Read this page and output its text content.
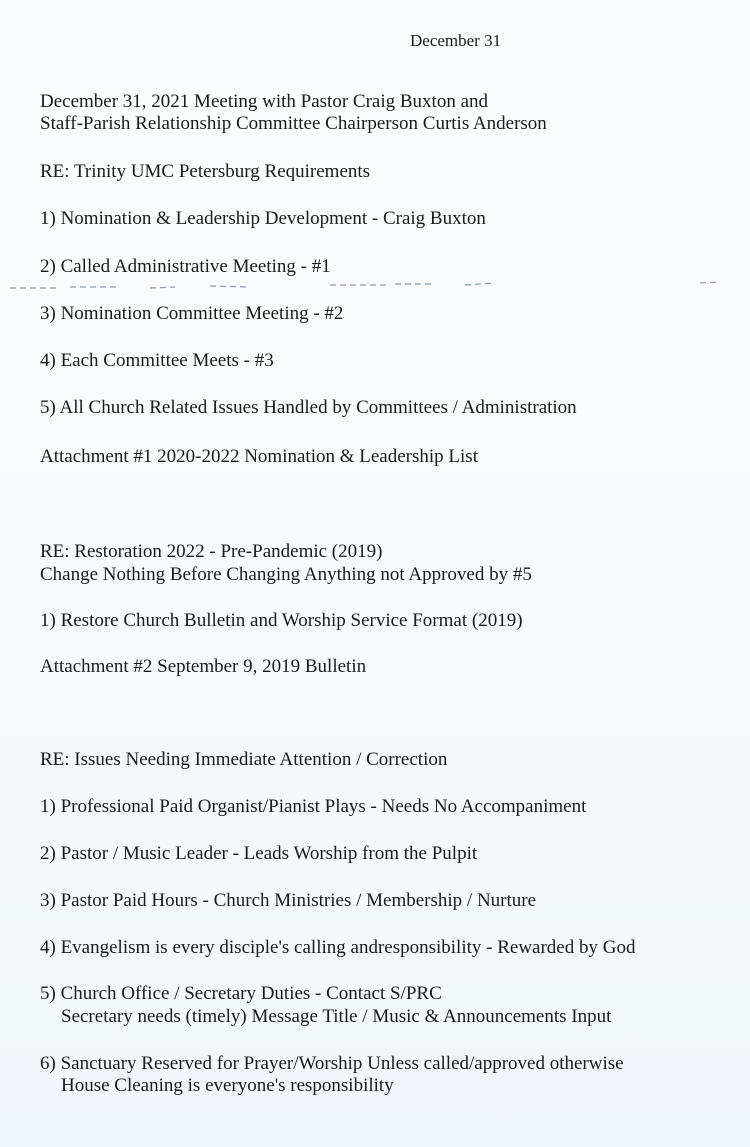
December 31
December 31, 2021 Meeting with Pastor Craig Buxton and
Staff-Parish Relationship Committee Chairperson Curtis Anderson
RE: Trinity UMC Petersburg Requirements
1) Nomination & Leadership Development - Craig Buxton
2) Called Administrative Meeting - #1
3) Nomination Committee Meeting - #2
4) Each Committee Meets - #3
5) All Church Related Issues Handled by Committees / Administration
Attachment #1 2020-2022 Nomination & Leadership List
RE: Restoration 2022 - Pre-Pandemic (2019)
Change Nothing Before Changing Anything not Approved by #5
1) Restore Church Bulletin and Worship Service Format (2019)
Attachment #2 September 9, 2019 Bulletin
RE: Issues Needing Immediate Attention / Correction
1) Professional Paid Organist/Pianist Plays - Needs No Accompaniment
2) Pastor / Music Leader - Leads Worship from the Pulpit
3) Pastor Paid Hours - Church Ministries / Membership / Nurture
4) Evangelism is every disciple's calling andresponsibility - Rewarded by God
5) Church Office / Secretary Duties - Contact S/PRC
Secretary needs (timely) Message Title / Music & Announcements Input
6) Sanctuary Reserved for Prayer/Worship Unless called/approved otherwise
House Cleaning is everyone's responsibility
